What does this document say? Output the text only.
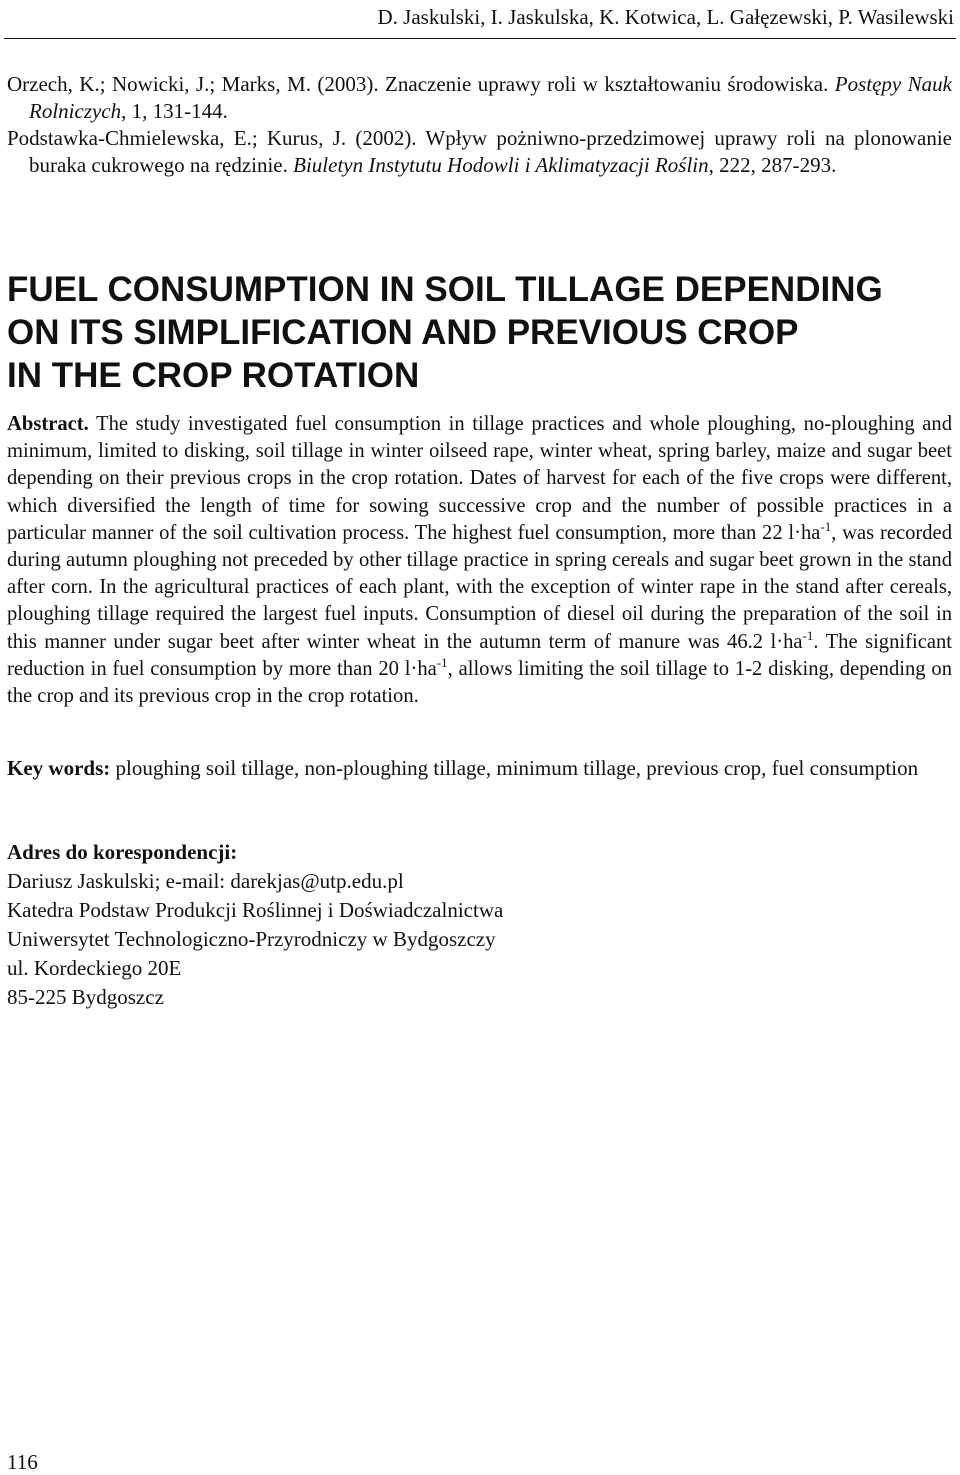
D. Jaskulski, I. Jaskulska, K. Kotwica, L. Gałęzewski, P. Wasilewski
Orzech, K.; Nowicki, J.; Marks, M. (2003). Znaczenie uprawy roli w kształtowaniu środowiska. Postępy Nauk Rolniczych, 1, 131-144.
Podstawka-Chmielewska, E.; Kurus, J. (2002). Wpływ pożniwno-przedzimowej uprawy roli na plonowanie buraka cukrowego na rędzinie. Biuletyn Instytutu Hodowli i Aklimatyzacji Roślin, 222, 287-293.
FUEL CONSUMPTION IN SOIL TILLAGE DEPENDING
ON ITS SIMPLIFICATION AND PREVIOUS CROP
IN THE CROP ROTATION

Abstract. The study investigated fuel consumption in tillage practices and whole ploughing, no-ploughing and minimum, limited to disking, soil tillage in winter oilseed rape, winter wheat, spring barley, maize and sugar beet depending on their previous crops in the crop rotation. Dates of harvest for each of the five crops were different, which diversified the length of time for sowing successive crop and the number of possible practices in a particular manner of the soil cultivation process. The highest fuel consumption, more than 22 $l\cdot ha^{-1}$, was recorded during autumn ploughing not preceded by other tillage practice in spring cereals and sugar beet grown in the stand after corn. In the agricultural practices of each plant, with the exception of winter rape in the stand after cereals, ploughing tillage required the largest fuel inputs. Consumption of diesel oil during the preparation of the soil in this manner under sugar beet after winter wheat in the autumn term of manure was 46.2 $l\cdot ha^{-1}$. The significant reduction in fuel consumption by more than 20 $l\cdot ha^{-1}$, allows limiting the soil tillage to 1-2 disking, depending on the crop and its previous crop in the crop rotation.

Key words: ploughing soil tillage, non-ploughing tillage, minimum tillage, previous crop, fuel consumption

Adres do korespondencji:
Dariusz Jaskulski; e-mail: darekjas@utp.edu.pl
Katedra Podstaw Produkcji Roślinnej i Doświadczalnictwa
Uniwersytet Technologiczno-Przyrodniczy w Bydgoszczy
ul. Kordeckiego 20E
85-225 Bydgoszcz
116
